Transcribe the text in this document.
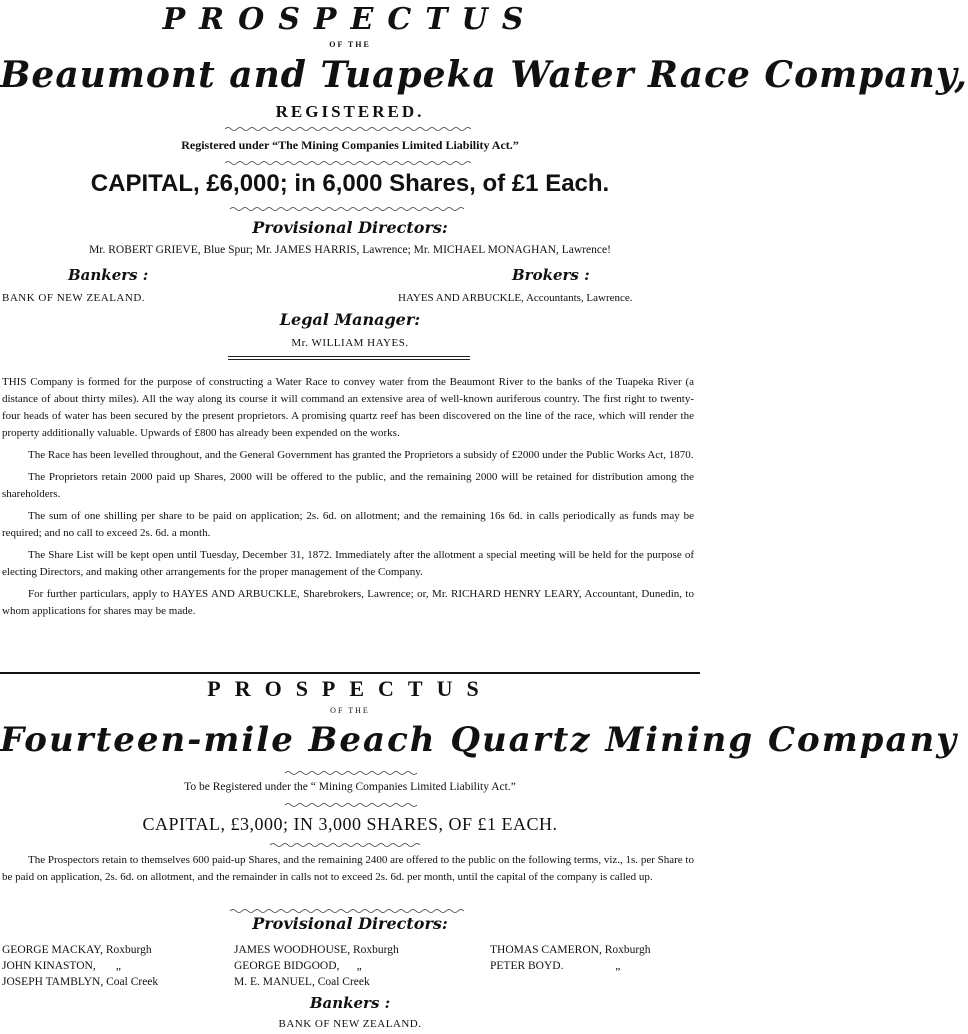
PROSPECTUS
OF THE
Beaumont and Tuapeka Water Race Company,
REGISTERED.
Registered under “The Mining Companies Limited Liability Act.”
CAPITAL, £6,000; in 6,000 Shares, of £1 Each.
Provisional Directors:
Mr. ROBERT GRIEVE, Blue Spur; Mr. JAMES HARRIS, Lawrence; Mr. MICHAEL MONAGHAN, Lawrence!
Bankers :
BANK OF NEW ZEALAND.
Brokers :
HAYES AND ARBUCKLE, Accountants, Lawrence.
Legal Manager:
Mr. WILLIAM HAYES.

THIS Company is formed for the purpose of constructing a Water Race to convey water from the Beaumont River to the banks of the Tuapeka River (a distance of about thirty miles). All the way along its course it will command an extensive area of well-known auriferous country. The first right to twenty-four heads of water has been secured by the present proprietors. A promising quartz reef has been discovered on the line of the race, which will render the property additionally valuable. Upwards of £800 has already been expended on the works.

The Race has been levelled throughout, and the General Government has granted the Proprietors a subsidy of £2000 under the Public Works Act, 1870.

The Proprietors retain 2000 paid up Shares, 2000 will be offered to the public, and the remaining 2000 will be retained for distribution among the shareholders.

The sum of one shilling per share to be paid on application; 2s. 6d. on allotment; and the remaining 16s 6d. in calls periodically as funds may be required; and no call to exceed 2s. 6d. a month.

The Share List will be kept open until Tuesday, December 31, 1872. Immediately after the allotment a special meeting will be held for the purpose of electing Directors, and making other arrangements for the proper management of the Company.

For further particulars, apply to HAYES AND ARBUCKLE, Sharebrokers, Lawrence; or, Mr. RICHARD HENRY LEARY, Accountant, Dunedin, to whom applications for shares may be made.

PROSPECTUS
OF THE
Fourteen-mile Beach Quartz Mining Company
To be Registered under the “ Mining Companies Limited Liability Act.”
CAPITAL, £3,000; IN 3,000 SHARES, OF £1 EACH.
The Prospectors retain to themselves 600 paid-up Shares, and the remaining 2400 are offered to the public on the following terms, viz., 1s. per Share to be paid on application, 2s. 6d. on allotment, and the remainder in calls not to exceed 2s. 6d. per month, until the capital of the company is called up.
Provisional Directors:
GEORGE MACKAY, Roxburgh
JOHN KINASTON,       „
JOSEPH TAMBLYN, Coal Creek
JAMES WOODHOUSE, Roxburgh
GEORGE BIDGOOD,      „
M. E. MANUEL, Coal Creek
THOMAS CAMERON, Roxburgh
PETER BOYD.                  „
Bankers :
BANK OF NEW ZEALAND.
